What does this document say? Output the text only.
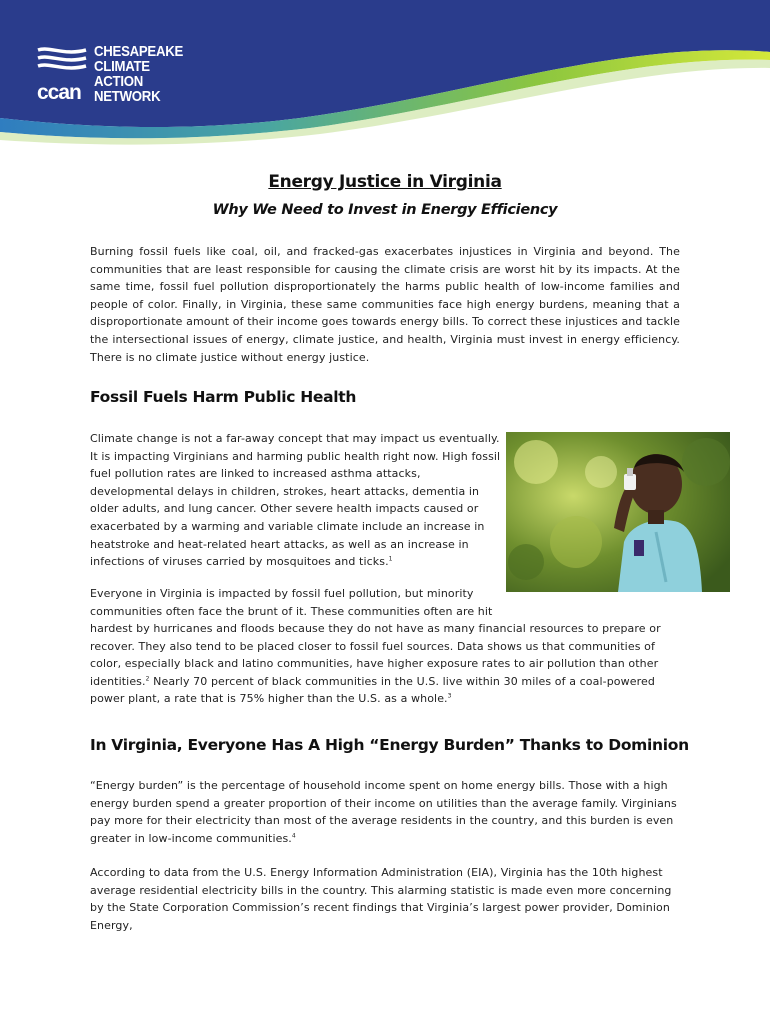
ccan
CHESAPEAKE
CLIMATE
ACTION
NETWORK
Energy Justice in Virginia
Why We Need to Invest in Energy Efficiency

Burning fossil fuels like coal, oil, and fracked-gas exacerbates injustices in Virginia and beyond. The communities that are least responsible for causing the climate crisis are worst hit by its impacts. At the same time, fossil fuel pollution disproportionately the harms public health of low-income families and people of color. Finally, in Virginia, these same communities face high energy burdens, meaning that a disproportionate amount of their income goes towards energy bills. To correct these injustices and tackle the intersectional issues of energy, climate justice, and health, Virginia must invest in energy efficiency. There is no climate justice without energy justice.

Fossil Fuels Harm Public Health

Climate change is not a far-away concept that may impact us eventually. It is impacting Virginians and harming public health right now. High fossil fuel pollution rates are linked to increased asthma attacks, developmental delays in children, strokes, heart attacks, dementia in older adults, and lung cancer. Other severe health impacts caused or exacerbated by a warming and variable climate include an increase in heatstroke and heat-related heart attacks, as well as an increase in infections of viruses carried by mosquitoes and ticks.$^1$

Everyone in Virginia is impacted by fossil fuel pollution, but minority communities often face the brunt of it. These communities often are hit

hardest by hurricanes and floods because they do not have as many financial resources to prepare or recover. They also tend to be placed closer to fossil fuel sources. Data shows us that communities of color, especially black and latino communities, have higher exposure rates to air pollution than other identities.$^2$ Nearly 70 percent of black communities in the U.S. live within 30 miles of a coal-powered power plant, a rate that is 75% higher than the U.S. as a whole.$^3$

In Virginia, Everyone Has A High “Energy Burden” Thanks to Dominion

“Energy burden” is the percentage of household income spent on home energy bills. Those with a high energy burden spend a greater proportion of their income on utilities than the average family. Virginians pay more for their electricity than most of the average residents in the country, and this burden is even greater in low-income communities.$^4$

According to data from the U.S. Energy Information Administration (EIA), Virginia has the 10th highest average residential electricity bills in the country. This alarming statistic is made even more concerning by the State Corporation Commission’s recent findings that Virginia’s largest power provider, Dominion Energy,
